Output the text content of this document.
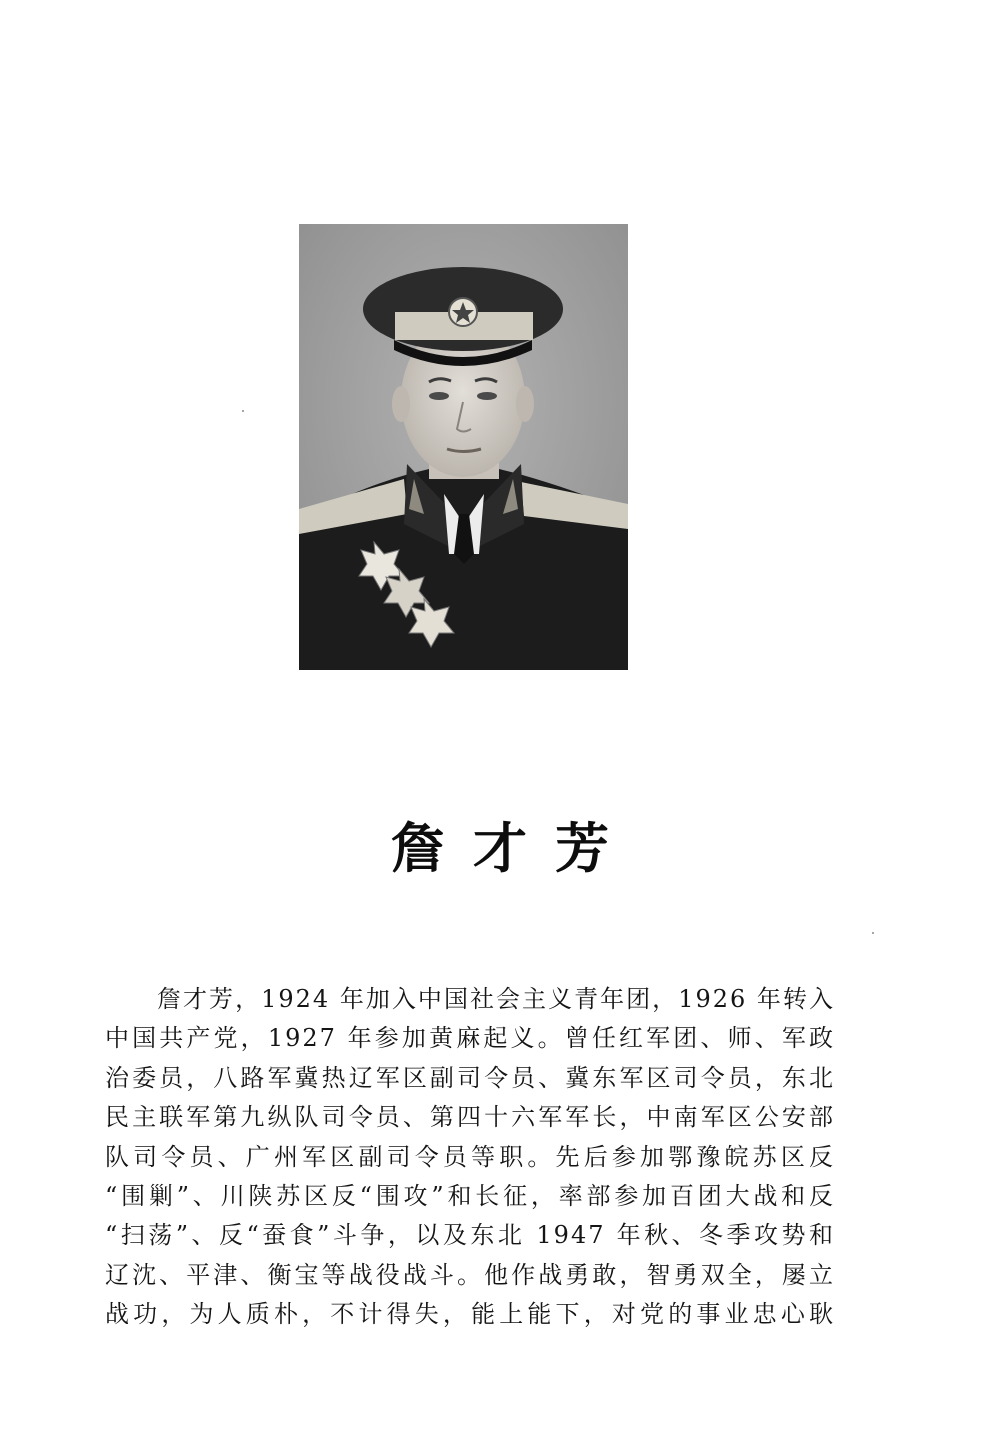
詹才芳
詹才芳，1924 年加入中国社会主义青年团，1926 年转入
中国共产党，1927 年参加黄麻起义。曾任红军团、师、军政
治委员，八路军冀热辽军区副司令员、冀东军区司令员，东北
民主联军第九纵队司令员、第四十六军军长，中南军区公安部
队司令员、广州军区副司令员等职。先后参加鄂豫皖苏区反
“围剿”、川陕苏区反“围攻”和长征，率部参加百团大战和反
“扫荡”、反“蚕食”斗争，以及东北 1947 年秋、冬季攻势和
辽沈、平津、衡宝等战役战斗。他作战勇敢，智勇双全，屡立
战功，为人质朴，不计得失，能上能下，对党的事业忠心耿
